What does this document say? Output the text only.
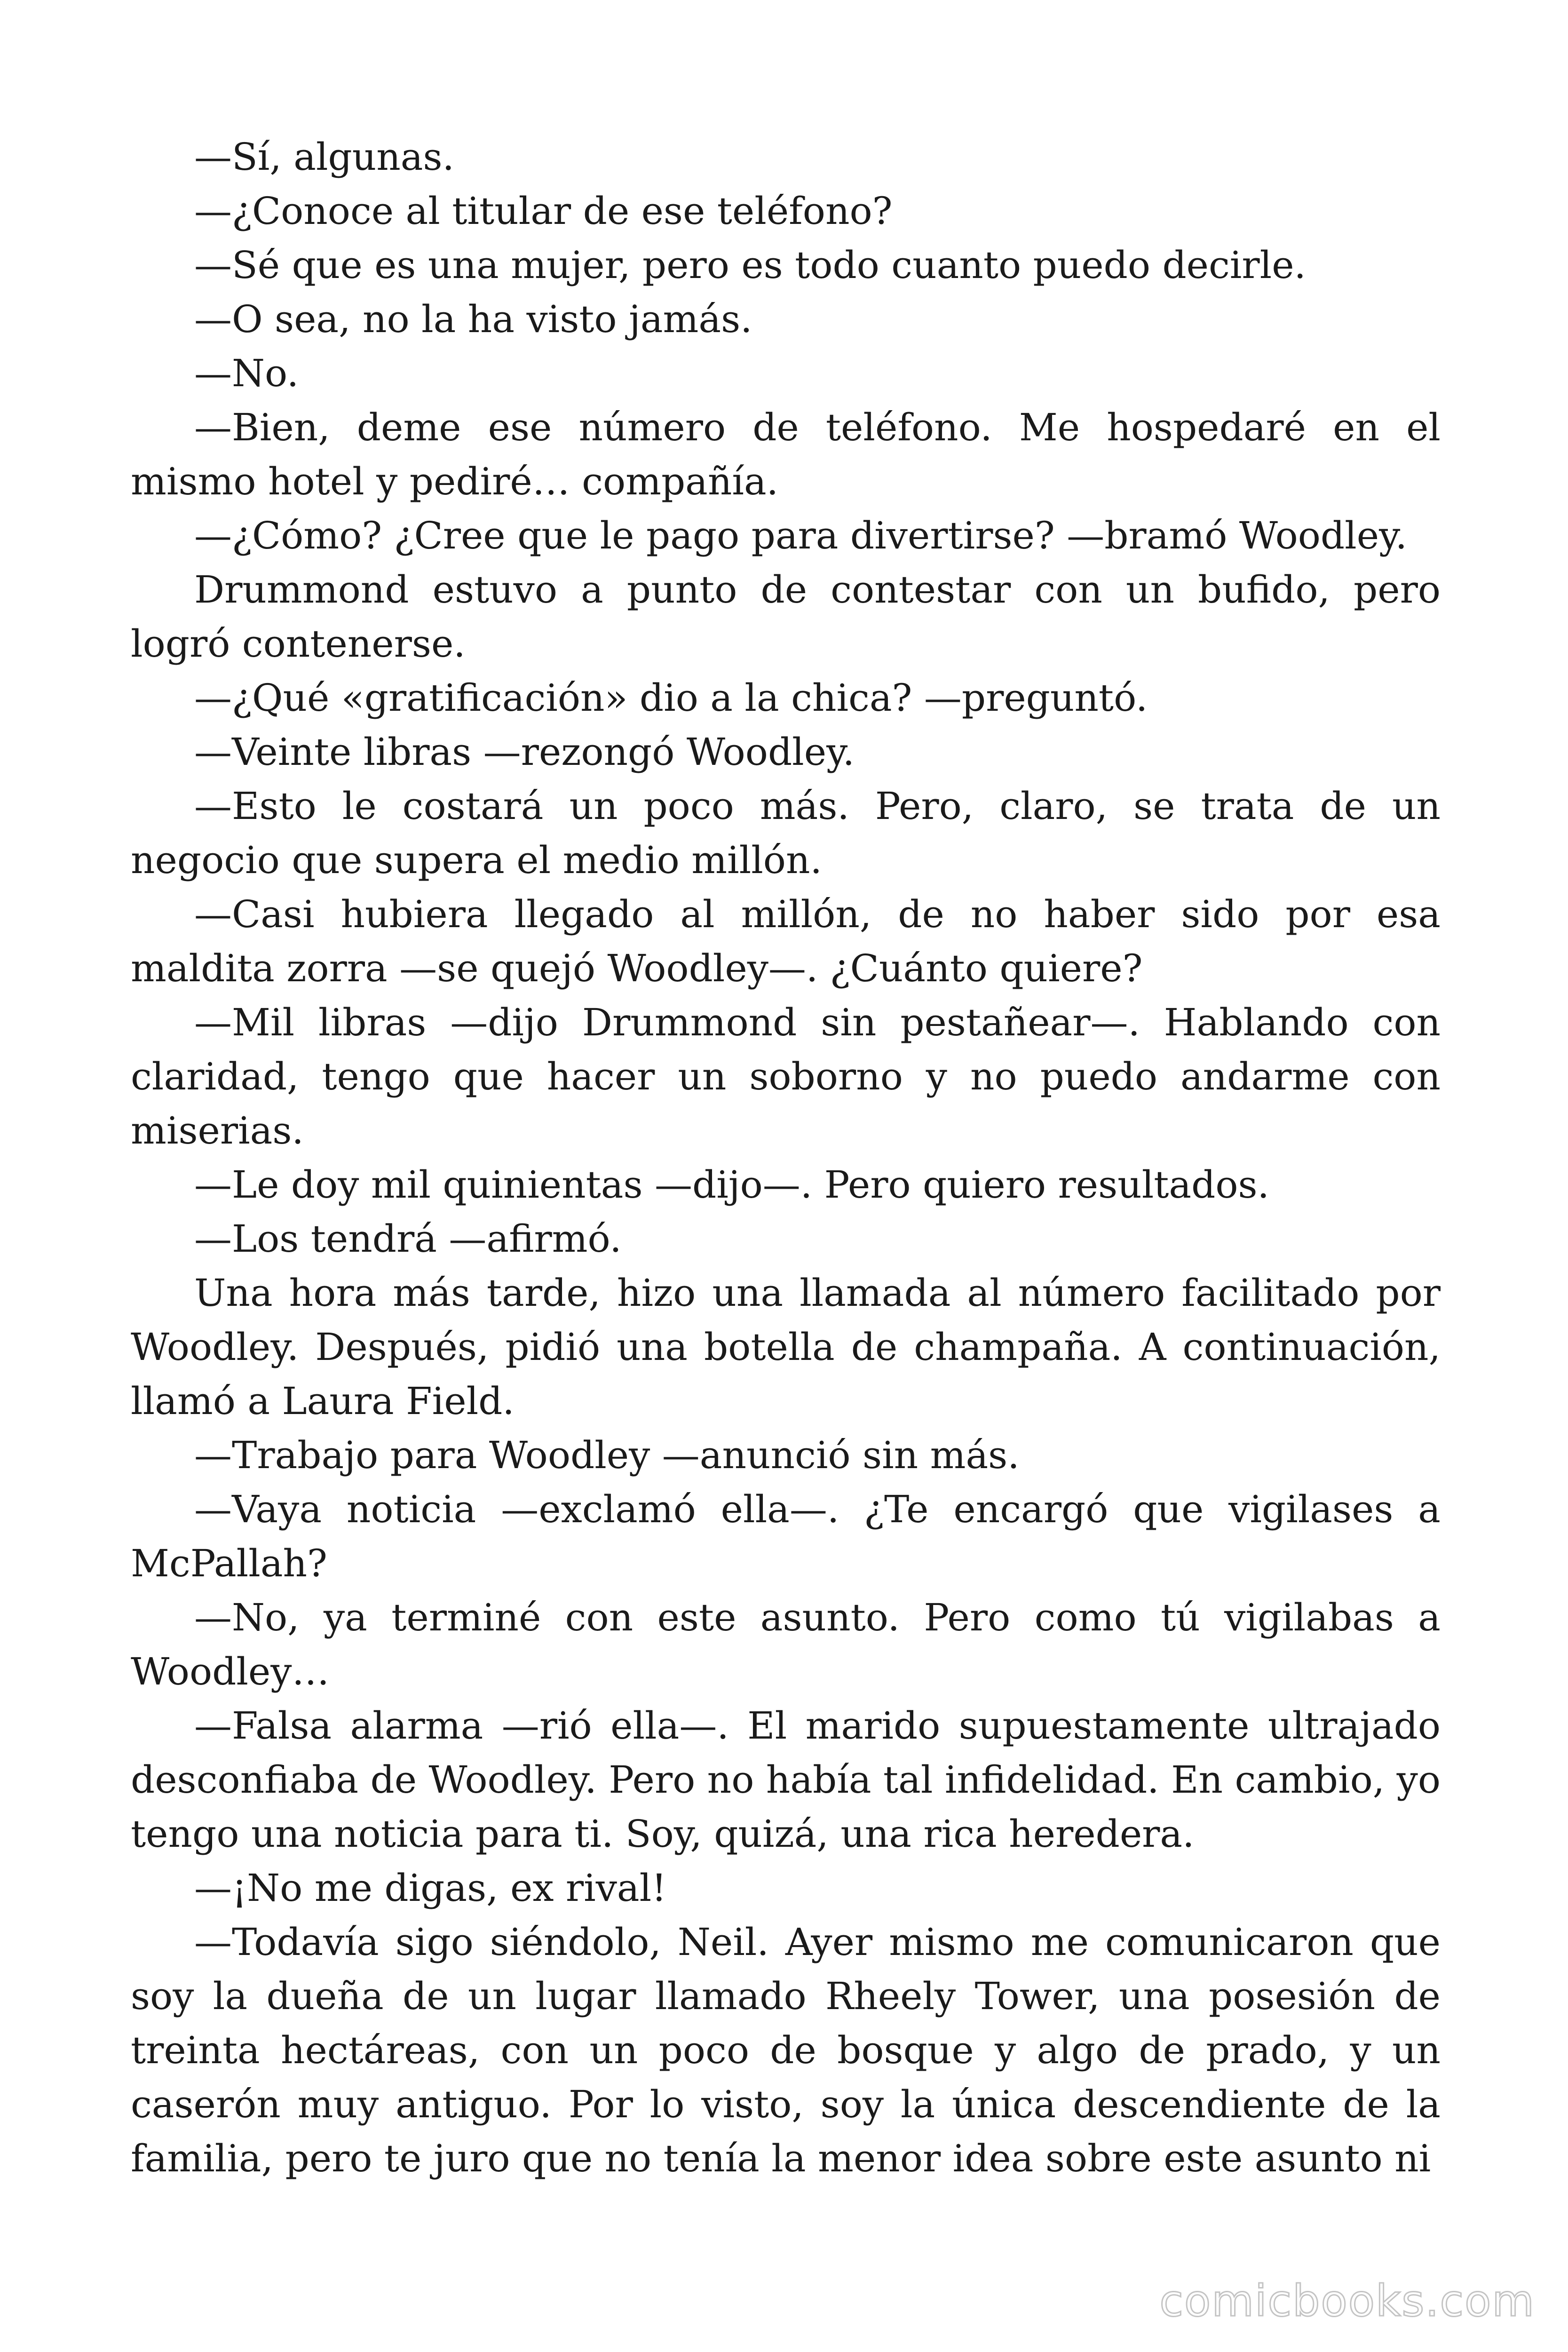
—Sí, algunas.

—¿Conoce al titular de ese teléfono?

—Sé que es una mujer, pero es todo cuanto puedo decirle.

—O sea, no la ha visto jamás.

—No.

—Bien, deme ese número de teléfono. Me hospedaré en el mismo hotel y pediré… compañía.

—¿Cómo? ¿Cree que le pago para divertirse? —bramó Woodley.

Drummond estuvo a punto de contestar con un bufido, pero logró contenerse.

—¿Qué «gratificación» dio a la chica? —preguntó.

—Veinte libras —rezongó Woodley.

—Esto le costará un poco más. Pero, claro, se trata de un negocio que supera el medio millón.

—Casi hubiera llegado al millón, de no haber sido por esa maldita zorra —se quejó Woodley—. ¿Cuánto quiere?

—Mil libras —dijo Drummond sin pestañear—. Hablando con claridad, tengo que hacer un soborno y no puedo andarme con miserias.

—Le doy mil quinientas —dijo—. Pero quiero resultados.

—Los tendrá —afirmó.

Una hora más tarde, hizo una llamada al número facilitado por Woodley. Después, pidió una botella de champaña. A continuación, llamó a Laura Field.

—Trabajo para Woodley —anunció sin más.

—Vaya noticia —exclamó ella—. ¿Te encargó que vigilases a McPallah?

—No, ya terminé con este asunto. Pero como tú vigilabas a Woodley…

—Falsa alarma —rió ella—. El marido supuestamente ultrajado desconfiaba de Woodley. Pero no había tal infidelidad. En cambio, yo tengo una noticia para ti. Soy, quizá, una rica heredera.

—¡No me digas, ex rival!

—Todavía sigo siéndolo, Neil. Ayer mismo me comunicaron que soy la dueña de un lugar llamado Rheely Tower, una posesión de treinta hectáreas, con un poco de bosque y algo de prado, y un caserón muy antiguo. Por lo visto, soy la única descendiente de la familia, pero te juro que no tenía la menor idea sobre este asunto ni

comicbooks.com
